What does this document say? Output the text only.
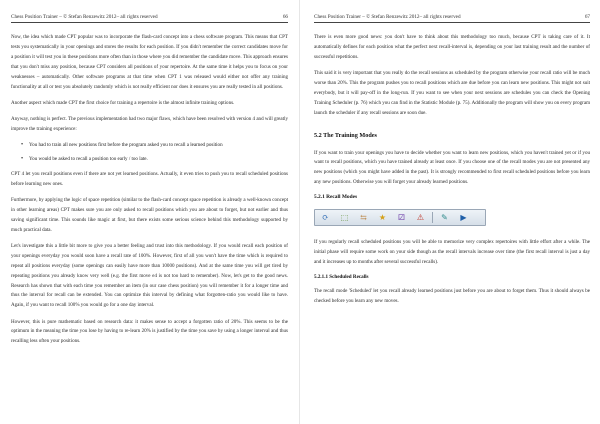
Chess Position Trainer – © Stefan Renzewitz 2012– all rights reserved	66

Now, the idea which made CPT popular was to incorporate the flash-card concept into a chess software program. This means that CPT tests you systematically in your openings and stores the results for each position. If you didn't remember the correct candidates move for a position it will test you in these positions more often than in those where you did remember the candidate move. This approach ensures that you don't miss any position, because CPT considers all positions of your repertoire. At the same time it helps you to focus on your weaknesses – automatically. Other software programs at that time when CPT 1 was released would either not offer any training functionality at all or test you absolutely randomly which is not really efficient nor does it ensures you are really tested in all positions.

Another aspect which made CPT the first choice for training a repertoire is the almost infinite training options.

Anyway, nothing is perfect. The previous implementation had two major flaws, which have been resolved with version 4 and will greatly improve the training experience:

• You had to train all new positions first before the program asked you to recall a learned position
• You would be asked to recall a position too early / too late.

CPT 4 let you recall positions even if there are not yet learned positions. Actually, it even tries to push you to recall scheduled positions before learning new ones.

Furthermore, by applying the logic of space repetition (similar to the flash-card concept space repetition is already a well-known concept in other learning areas) CPT makes sure you are only asked to recall positions which you are about to forget, but not earlier and thus saving significant time. This sounds like magic at first, but there exists some serious science behind this methodology supported by much practical data.

Let's investigate this a little bit more to give you a better feeling and trust into this methodology. If you would recall each position of your openings everyday you would soon have a recall rate of 100%. However, first of all you won't have the time which is required to repeat all positions everyday (some openings can easily have more than 10000 positions). And at the same time you will get tired by repeating positions you already know very well (e.g. the first move e4 is not too hard to remember). Now, let's get to the good news. Research has shown that with each time you remember an item (in our case chess position) you will remember it for a longer time and thus the interval for recall can be extended. You can optimize this interval by defining what forgotten-ratio you would like to have. Again, if you want to recall 100% you would go for a one day interval.

However, this is pure mathematic based on research data: it makes sense to accept a forgotten ratio of 20%. This seems to be the optimum in the meaning the time you lose by having to re-learn 20% is justified by the time you save by using a longer interval and thus recalling less often your positions.

Chess Position Trainer – © Stefan Renzewitz 2012– all rights reserved	67

There is even more good news: you don't have to think about this methodology too much, because CPT is taking care of it. It automatically defines for each position what the perfect next recall-interval is, depending on your last training result and the number of successful repetitions.

This said it is very important that you really do the recall sessions as scheduled by the program otherwise your recall ratio will be much worse than 20%. This the program pushes you to recall positions which are due before you can learn new positions. This might not suit everybody, but it will pay-off in the long-run. If you want to see when your next sessions are schedules you can check the Opening Training Scheduler (p. 76) which you can find in the Statistic Module (p. 75). Additionally the program will show you on every program launch the scheduler if any recall sessions are soon due.

5.2 The Training Modes

If you want to train your openings you have to decide whether you want to learn new positions, which you haven't trained yet or if you want to recall positions, which you have trained already at least once. If you choose one of the recall modes you are not presented any new positions (which you might have added in the past). It is strongly recommended to first recall scheduled positions before you learn any new positions. Otherwise you will forget your already learned positions.

5.2.1 Recall Modes
⟳	⬚	⇆	★	⚂	⚠	✎	▶

If you regularly recall scheduled positions you will be able to memorize very complex repertoires with little effort after a while. The initial phase will require some work on your side though as the recall intervals increase over time (the first recall interval is just a day and it increases up to months after several successful recalls).

5.2.1.1 Scheduled Recalls

The recall mode 'Scheduled' let you recall already learned positions just before you are about to forget them. Thus it should always be checked before you learn any new moves.
